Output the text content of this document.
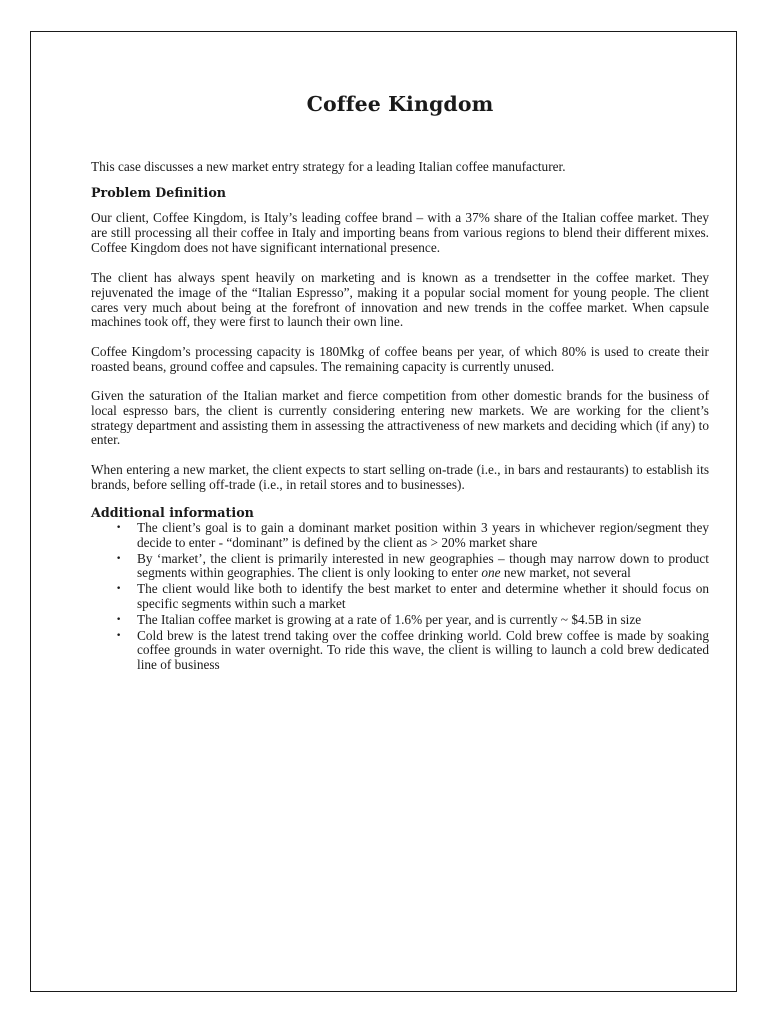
Coffee Kingdom

This case discusses a new market entry strategy for a leading Italian coffee manufacturer.

Problem Definition

Our client, Coffee Kingdom, is Italy’s leading coffee brand – with a 37% share of the Italian coffee market. They are still processing all their coffee in Italy and importing beans from various regions to blend their different mixes. Coffee Kingdom does not have significant international presence.

The client has always spent heavily on marketing and is known as a trendsetter in the coffee market. They rejuvenated the image of the “Italian Espresso”, making it a popular social moment for young people. The client cares very much about being at the forefront of innovation and new trends in the coffee market. When capsule machines took off, they were first to launch their own line.

Coffee Kingdom’s processing capacity is 180Mkg of coffee beans per year, of which 80% is used to create their roasted beans, ground coffee and capsules. The remaining capacity is currently unused.

Given the saturation of the Italian market and fierce competition from other domestic brands for the business of local espresso bars, the client is currently considering entering new markets. We are working for the client’s strategy department and assisting them in assessing the attractiveness of new markets and deciding which (if any) to enter.

When entering a new market, the client expects to start selling on-trade (i.e., in bars and restaurants) to establish its brands, before selling off-trade (i.e., in retail stores and to businesses).

Additional information
• The client’s goal is to gain a dominant market position within 3 years in whichever region/segment they decide to enter - “dominant” is defined by the client as > 20% market share
• By ‘market’, the client is primarily interested in new geographies – though may narrow down to product segments within geographies. The client is only looking to enter one new market, not several
• The client would like both to identify the best market to enter and determine whether it should focus on specific segments within such a market
• The Italian coffee market is growing at a rate of 1.6% per year, and is currently ~ $4.5B in size
• Cold brew is the latest trend taking over the coffee drinking world. Cold brew coffee is made by soaking coffee grounds in water overnight. To ride this wave, the client is willing to launch a cold brew dedicated line of business
